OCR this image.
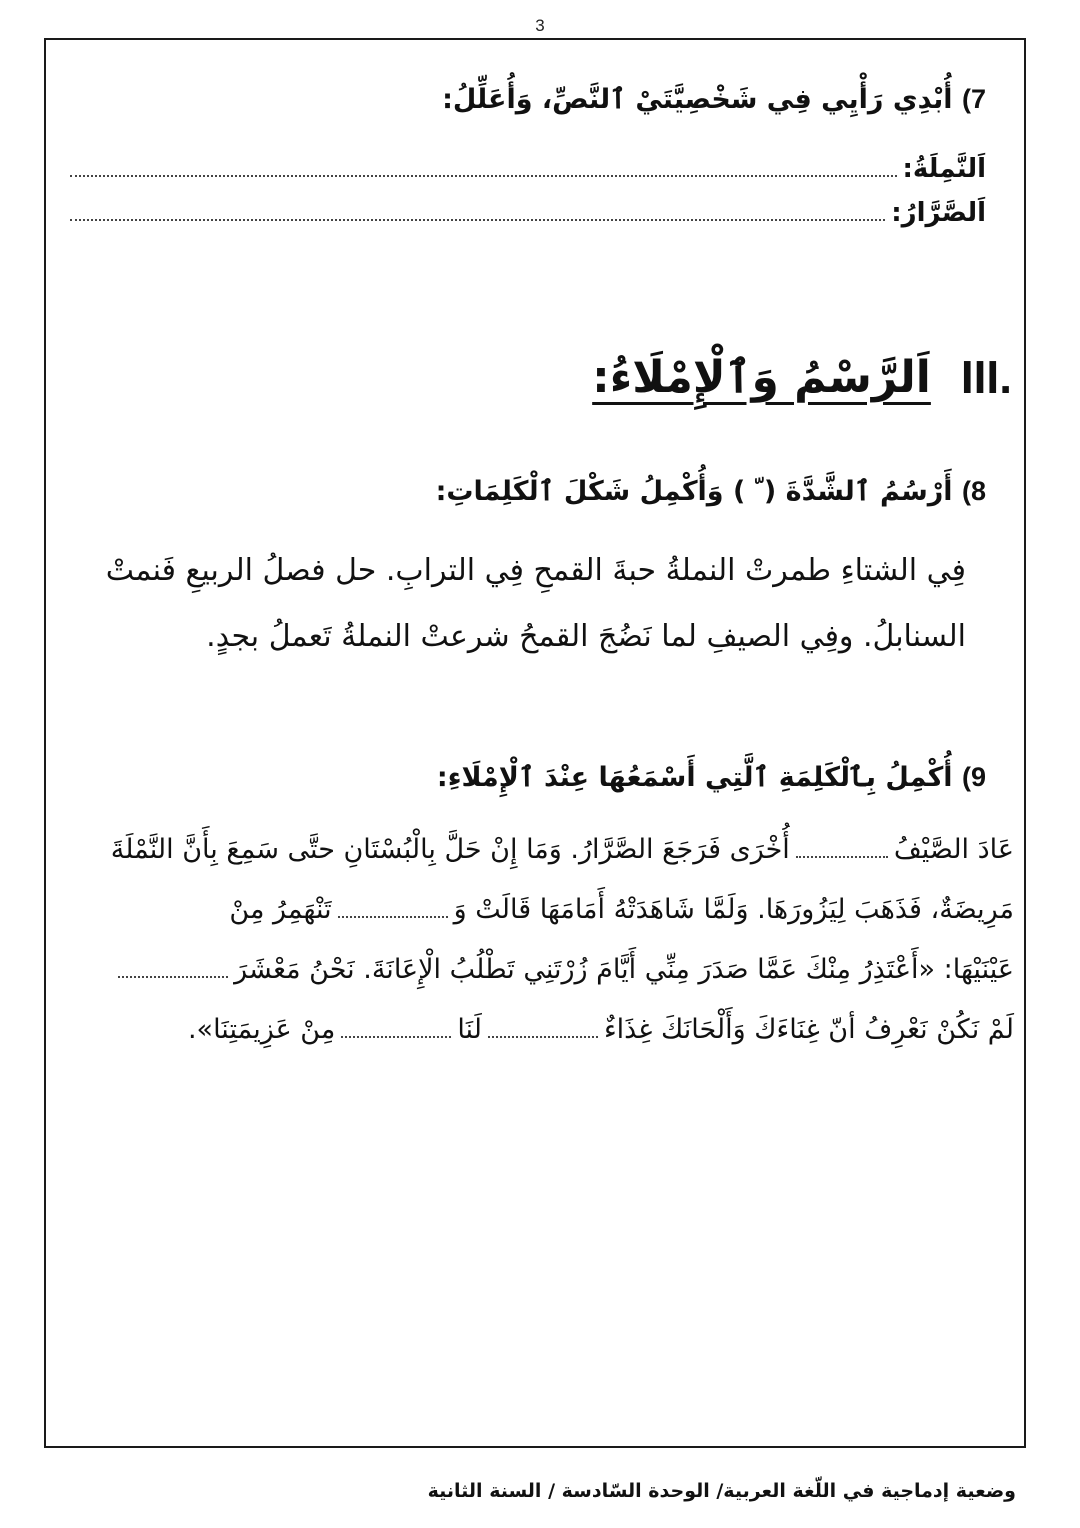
3
7) أُبْدِي رَأْيِي فِي شَخْصِيَّتَيْ ٱلنَّصِّ، وَأُعَلِّلُ:
اَلنَّمِلَةُ:
اَلصَّرَّارُ:
III.
اَلرَّسْمُ وَٱلْإِمْلَاءُ:
8) أَرْسُمُ ٱلشَّدَّةَ ( ّ ) وَأُكْمِلُ شَكْلَ ٱلْكَلِمَاتِ:
فِي الشتاءِ طمرتْ النملةُ حبةَ القمحِ فِي الترابِ. حل فصلُ الربيعِ فَنمتْ
السنابلُ. وفِي الصيفِ لما نَضُجَ القمحُ شرعتْ النملةُ تَعملُ بجدٍ.
9) أُكْمِلُ بِٱلْكَلِمَةِ ٱلَّتِي أَسْمَعُهَا عِنْدَ ٱلْإِمْلَاءِ:
عَادَ الصَّيْفُأُخْرَى فَرَجَعَ الصَّرَّارُ. وَمَا إِنْ حَلَّ بِالْبُسْتَانِ حتَّى سَمِعَ بِأَنَّ النَّمْلَةَ
مَرِيضَةٌ، فَذَهَبَ لِيَزُورَهَا. وَلَمَّا شَاهَدَتْهُ أَمَامَهَا قَالَتْ وَتَنْهَمِرُ مِنْ
عَيْنَيْهَا: «أَعْتَذِرُ مِنْكَ عَمَّا صَدَرَ مِنِّي أَيَّامَ زُرْتَنِي تَطْلُبُ الْإِعَانَةَ. نَحْنُ مَعْشَرَ
لَمْ نَكُنْ نَعْرِفُ أنّ غِنَاءَكَ وَأَلْحَانَكَ غِذَاءٌلَنَامِنْ عَزِيمَتِنَا».
وضعية إدماجية في اللّغة العربية/ الوحدة السّادسة / السنة الثانية
